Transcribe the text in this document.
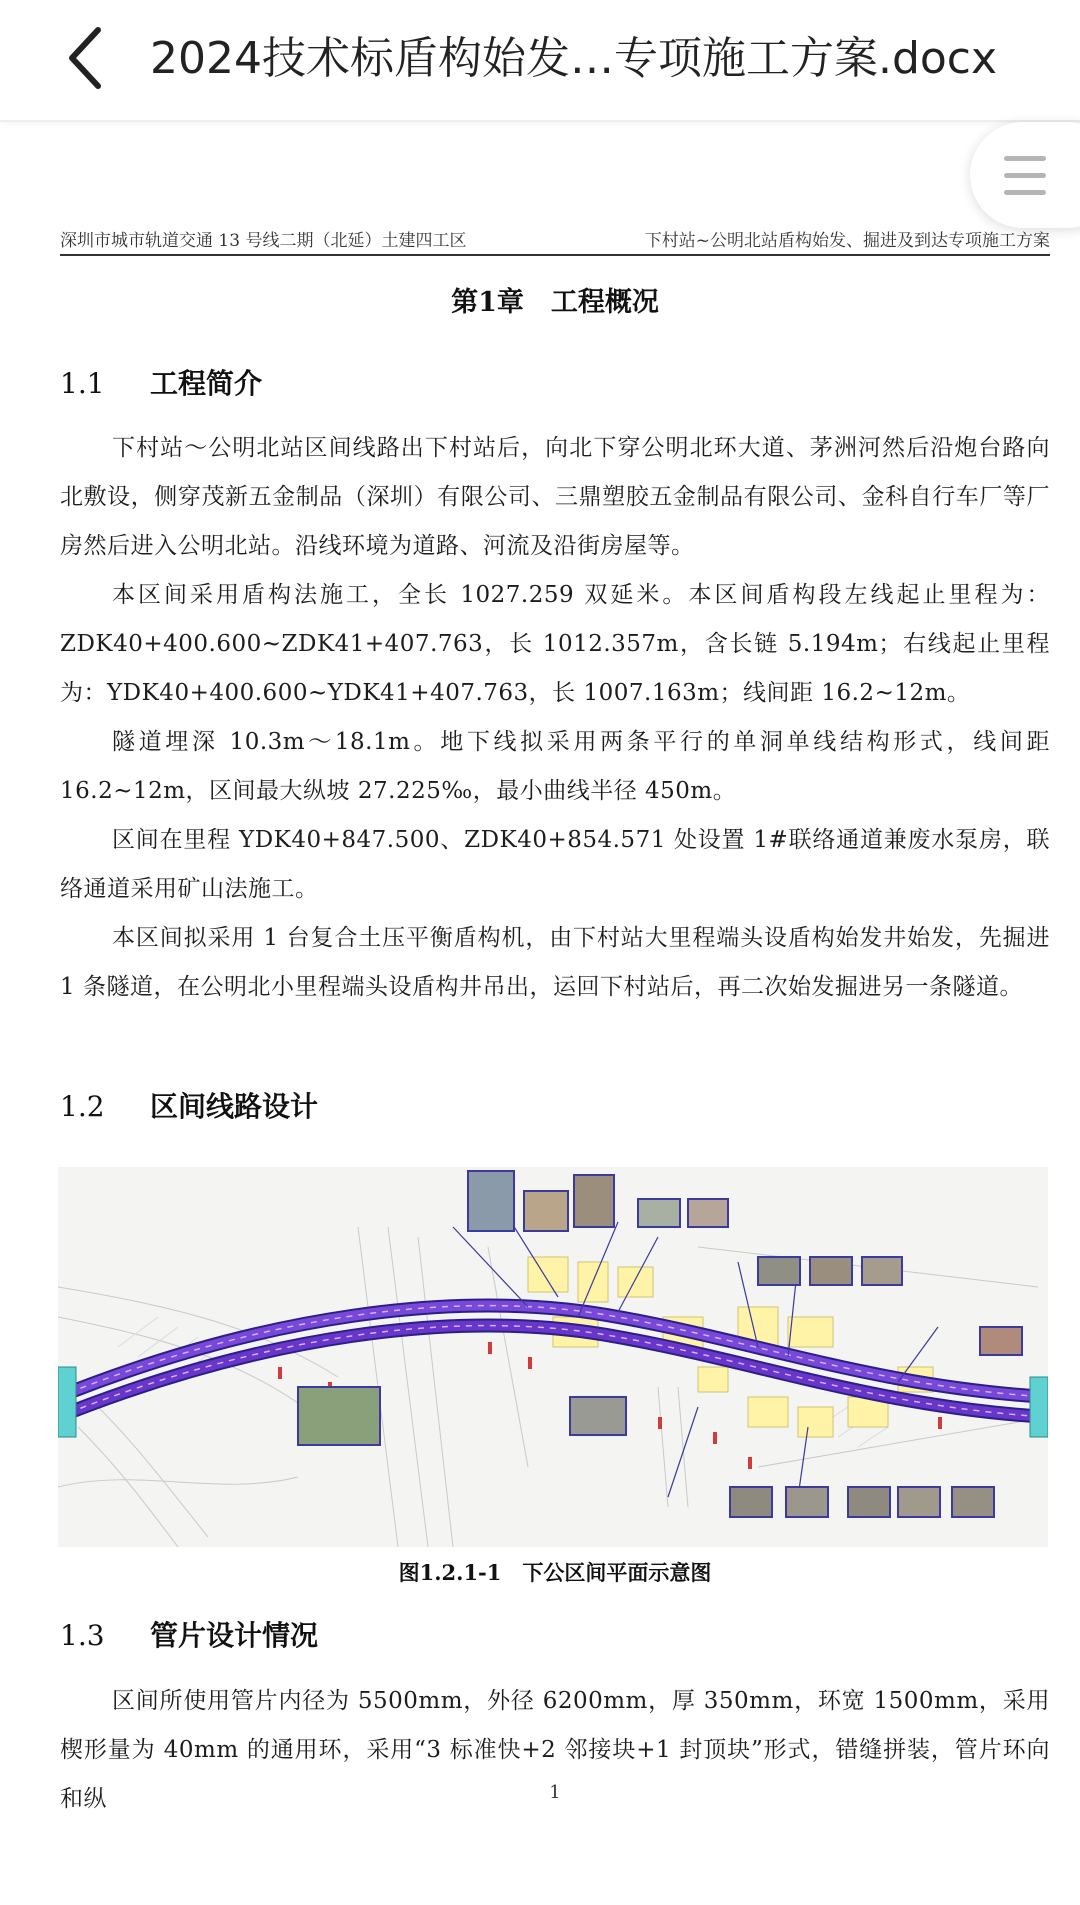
2024技术标盾构始发…专项施工方案.docx
深圳市城市轨道交通 13 号线二期（北延）土建四工区	下村站~公明北站盾构始发、掘进及到达专项施工方案
第1章　工程概况
1.1 工程简介

下村站～公明北站区间线路出下村站后，向北下穿公明北环大道、茅洲河然后沿炮台路向北敷设，侧穿茂新五金制品（深圳）有限公司、三鼎塑胶五金制品有限公司、金科自行车厂等厂房然后进入公明北站。沿线环境为道路、河流及沿街房屋等。

本区间采用盾构法施工，全长 1027.259 双延米。本区间盾构段左线起止里程为：ZDK40+400.600~ZDK41+407.763，长 1012.357m，含长链 5.194m；右线起止里程为：YDK40+400.600~YDK41+407.763，长 1007.163m；线间距 16.2~12m。

隧道埋深 10.3m～18.1m。地下线拟采用两条平行的单洞单线结构形式，线间距 16.2~12m，区间最大纵坡 27.225‰，最小曲线半径 450m。

区间在里程 YDK40+847.500、ZDK40+854.571 处设置 1#联络通道兼废水泵房，联络通道采用矿山法施工。

本区间拟采用 1 台复合土压平衡盾构机，由下村站大里程端头设盾构始发井始发，先掘进 1 条隧道，在公明北小里程端头设盾构井吊出，运回下村站后，再二次始发掘进另一条隧道。

1.2 区间线路设计
图1.2.1-1　下公区间平面示意图
1.3 管片设计情况

区间所使用管片内径为 5500mm，外径 6200mm，厚 350mm，环宽 1500mm，采用楔形量为 40mm 的通用环，采用“3 标准快+2 邻接块+1 封顶块”形式，错缝拼装，管片环向和纵	1
